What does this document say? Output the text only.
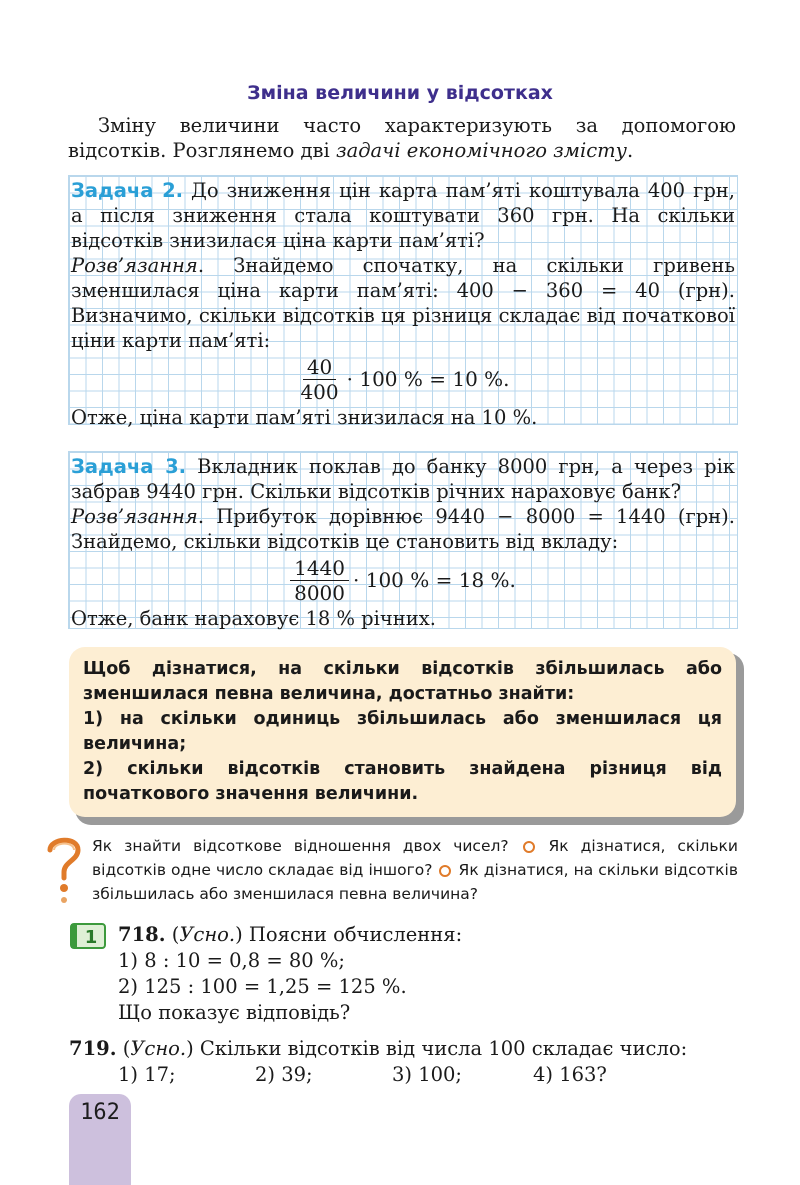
Зміна величини у відсотках

Зміну величини часто характеризують за допомогою відсотків. Розглянемо дві задачі економічного змісту.

Задача 2. До зниження цін карта пам’яті коштувала 400 грн, а після зниження стала коштувати 360 грн. На скільки відсотків знизилася ціна карти пам’яті?

Розв’язання. Знайдемо спочатку, на скільки гривень зменшилася ціна карти пам’яті: 400 − 360 = 40 (грн). Визначимо, скільки відсотків ця різниця складає від початкової ціни карти пам’яті:

$\frac{40}{400} \cdot 100$ % = 10 %.

Отже, ціна карти пам’яті знизилася на 10 %.

Задача 3. Вкладник поклав до банку 8000 грн, а через рік забрав 9440 грн. Скільки відсотків річних нараховує банк?

Розв’язання. Прибуток дорівнює 9440 − 8000 = 1440 (грн). Знайдемо, скільки відсотків це становить від вкладу:

$\frac{1440}{8000} \cdot 100$ % = 18 %.

Отже, банк нараховує 18 % річних.

Щоб дізнатися, на скільки відсотків збільшилась або зменшилася певна величина, достатньо знайти:

1) на скільки одиниць збільшилась або зменшилася ця величина;

2) скільки відсотків становить знайдена різниця від початкового значення величини.

Як знайти відсоткове відношення двох чисел?	Як дізнатися, скільки відсотків одне число складає від іншого? Як дізнатися, на скільки відсотків збільшилась або зменшилася певна величина?
1 718. (Усно.) Поясни обчислення:
1) 8 : 10 = 0,8 = 80 %;
2) 125 : 100 = 1,25 = 125 %.
Що показує відповідь?
719. (Усно.) Скільки відсотків від числа 100 складає число:
1) 17;	2) 39;	3) 100;	4) 163?
162
